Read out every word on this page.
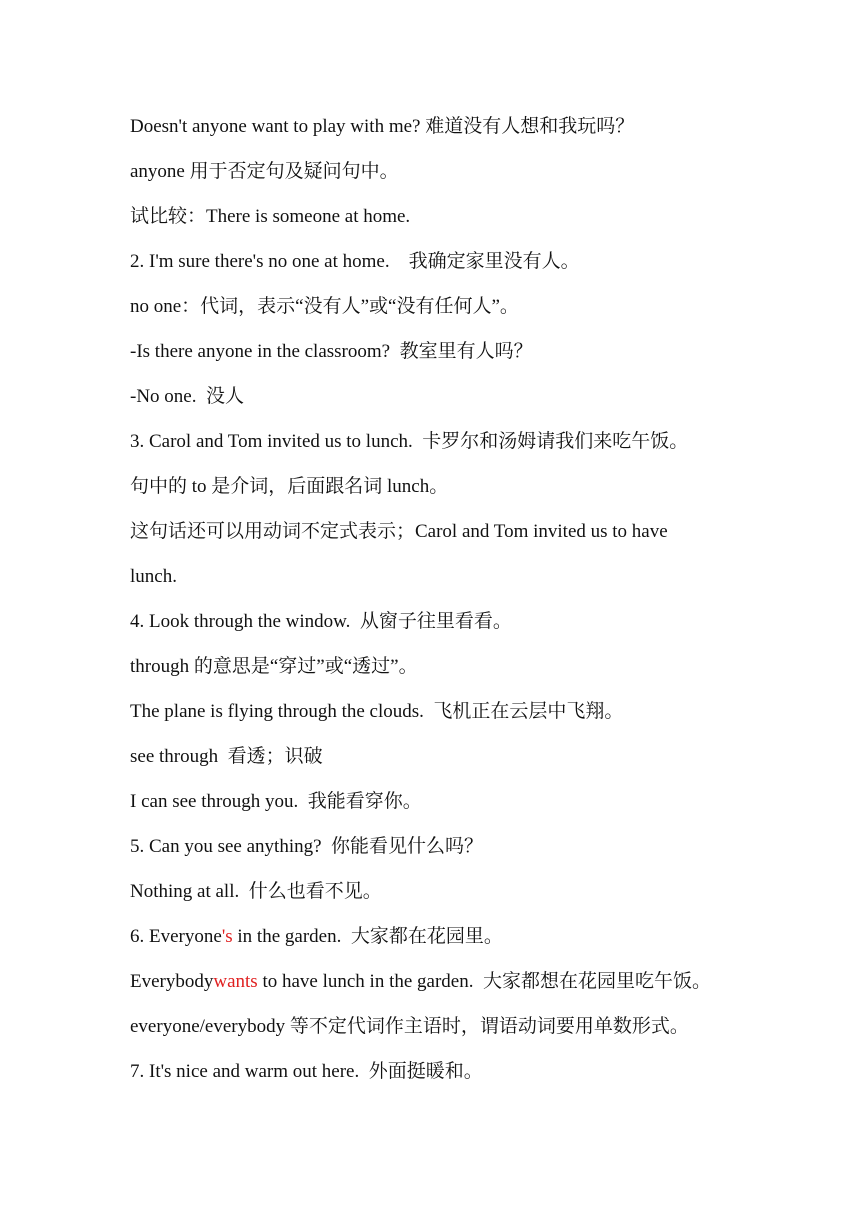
Doesn't anyone want to play with me? 难道没有人想和我玩吗？
anyone 用于否定句及疑问句中。
试比较：There is someone at home.
2. I'm sure there's no one at home.    我确定家里没有人。
no one：代词，表示“没有人”或“没有任何人”。
-Is there anyone in the classroom?  教室里有人吗？
-No one.  没人
3. Carol and Tom invited us to lunch.  卡罗尔和汤姆请我们来吃午饭。
句中的 to 是介词，后面跟名词 lunch。
这句话还可以用动词不定式表示；Carol and Tom invited us to have
lunch.
4. Look through the window.  从窗子往里看看。
through 的意思是“穿过”或“透过”。
The plane is flying through the clouds.  飞机正在云层中飞翔。
see through  看透；识破
I can see through you.  我能看穿你。
5. Can you see anything?  你能看见什么吗？
Nothing at all.  什么也看不见。
6. Everyone's in the garden.  大家都在花园里。
Everybodywants to have lunch in the garden.  大家都想在花园里吃午饭。
everyone/everybody 等不定代词作主语时，谓语动词要用单数形式。
7. It's nice and warm out here.  外面挺暖和。
